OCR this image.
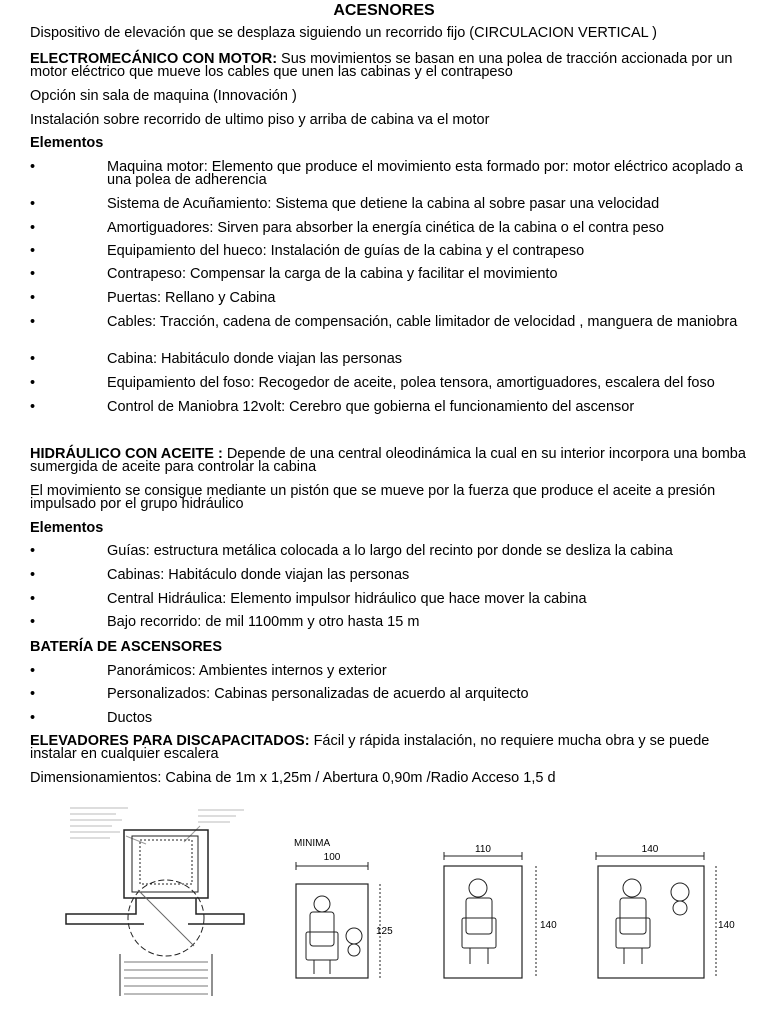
ACESNORES
Dispositivo de elevación que se desplaza siguiendo un recorrido fijo (CIRCULACION VERTICAL )
ELECTROMECÁNICO CON MOTOR: Sus movimientos se basan en una polea de tracción accionada por un motor eléctrico que mueve los cables que unen las cabinas y el contrapeso
Opción sin sala de maquina (Innovación )
Instalación sobre recorrido de ultimo piso y arriba de cabina va el motor
Elementos
•	Maquina motor: Elemento que produce el movimiento esta formado por: motor eléctrico acoplado a una polea de adherencia
•	Sistema de Acuñamiento: Sistema que detiene la cabina al sobre pasar una velocidad
•	Amortiguadores: Sirven para absorber la energía cinética de la cabina o el contra peso
•	Equipamiento del hueco: Instalación de guías de la cabina y el contrapeso
•	Contrapeso: Compensar la carga de la cabina y facilitar el movimiento
•	Puertas: Rellano y Cabina
•	Cables: Tracción, cadena de compensación, cable limitador de velocidad , manguera de maniobra
•	Cabina: Habitáculo donde viajan las personas
•	Equipamiento del foso: Recogedor de aceite, polea tensora, amortiguadores, escalera del foso
•	Control de Maniobra 12volt: Cerebro que gobierna el funcionamiento del ascensor
HIDRÁULICO CON ACEITE : Depende de una central oleodinámica la cual en su interior incorpora una bomba sumergida de aceite para controlar la cabina
El movimiento se consigue mediante un pistón que se mueve por la fuerza que produce el aceite a presión impulsado por el grupo hidráulico
Elementos
•	Guías: estructura metálica colocada a lo largo del recinto por donde se desliza la cabina
•	Cabinas: Habitáculo donde viajan las personas
•	Central Hidráulica: Elemento impulsor hidráulico que hace mover la cabina
•	Bajo recorrido: de mil 1100mm y otro hasta 15 m
BATERÍA DE ASCENSORES
•	Panorámicos: Ambientes internos y exterior
•	Personalizados: Cabinas personalizadas de acuerdo al arquitecto
•	Ductos
ELEVADORES PARA DISCAPACITADOS: Fácil y rápida instalación, no requiere mucha obra y se puede instalar en cualquier escalera
Dimensionamientos: Cabina de 1m x 1,25m / Abertura 0,90m /Radio Acceso 1,5 d
MINIMA
100
125
110
140
140
140
